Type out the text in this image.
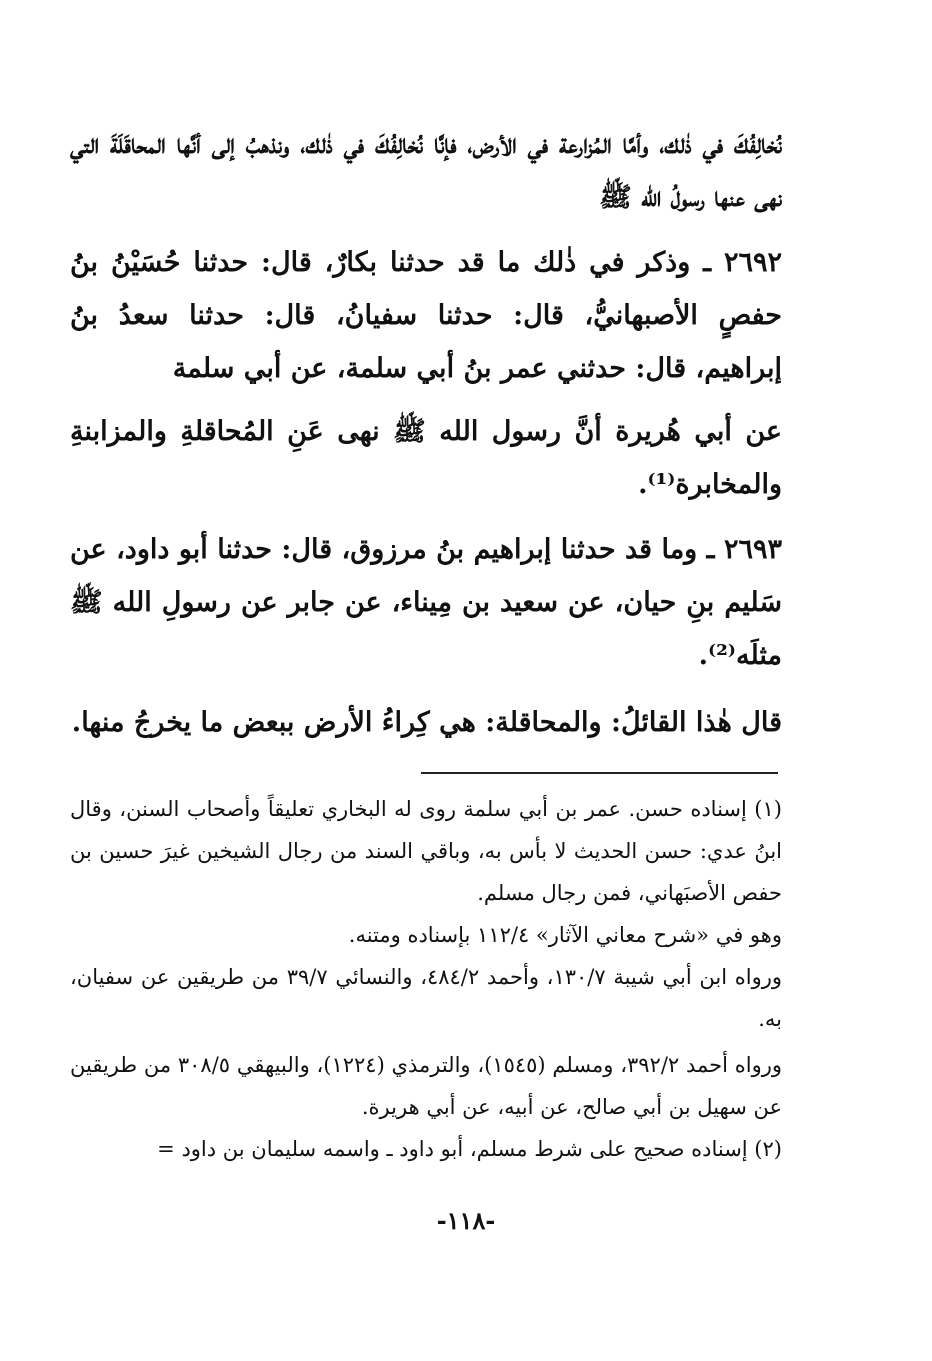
نُخالِفُكَ في ذٰلك، وأمَّا المُزارعة في الأرض، فإنَّا نُخالِفُكَ في ذٰلك، ونذهبُ إلى أنَّها المحاقَلَةَ التي نهى عنها رسولُ الله ﷺ

٢٦٩٢ ـ وذكر في ذٰلك ما قد حدثنا بكارٌ، قال: حدثنا حُسَيْنُ بنُ حفصٍ الأصبهانيُّ، قال: حدثنا سفيانُ، قال: حدثنا سعدُ بنُ إبراهيم، قال: حدثني عمر بنُ أبي سلمة، عن أبي سلمة

عن أبي هُريرة أنَّ رسول الله ﷺ نهى عَنِ المُحاقلةِ والمزابنةِ والمخابرة⁽¹⁾.

٢٦٩٣ ـ وما قد حدثنا إبراهيم بنُ مرزوق، قال: حدثنا أبو داود، عن سَليم بنِ حيان، عن سعيد بن مِيناء، عن جابر عن رسولِ الله ﷺ مثلَه⁽²⁾.

قال هٰذا القائلُ: والمحاقلة: هي كِراءُ الأرض ببعض ما يخرجُ منها.

(١) إسناده حسن. عمر بن أبي سلمة روى له البخاري تعليقاً وأصحاب السنن، وقال ابنُ عدي: حسن الحديث لا بأس به، وباقي السند من رجال الشيخين غيرَ حسين بن حفص الأصبَهاني، فمن رجال مسلم.

وهو في «شرح معاني الآثار» ١١٢/٤ بإسناده ومتنه.

ورواه ابن أبي شيبة ١٣٠/٧، وأحمد ٤٨٤/٢، والنسائي ٣٩/٧ من طريقين عن سفيان، به.

ورواه أحمد ٣٩٢/٢، ومسلم (١٥٤٥)، والترمذي (١٢٢٤)، والبيهقي ٣٠٨/٥ من طريقين عن سهيل بن أبي صالح، عن أبيه، عن أبي هريرة.

(٢) إسناده صحيح على شرط مسلم، أبو داود ـ واسمه سليمان بن داود =

-١١٨-
